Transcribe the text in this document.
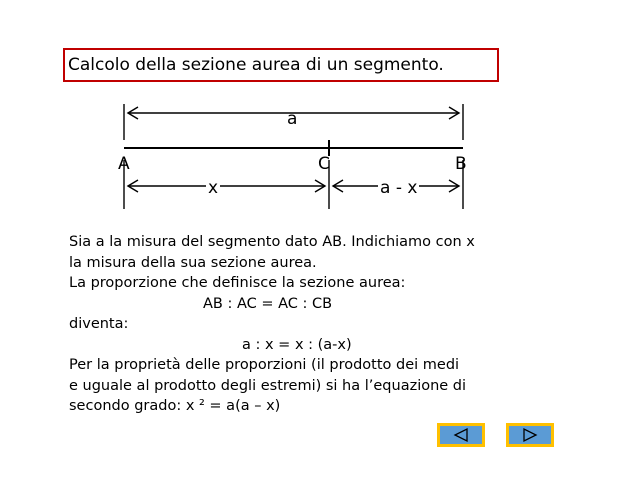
Calcolo della sezione aurea di un segmento.
a
A	C	B
x	a - x
Sia a la misura del segmento dato AB. Indichiamo con x
la misura della sua sezione aurea.
La proporzione che definisce la sezione aurea:
AB : AC = AC : CB
diventa:
a : x = x : (a-x)
Per la proprietà delle proporzioni (il prodotto dei medi
e uguale al prodotto degli estremi) si ha l’equazione di
secondo grado: x ² = a(a – x)
